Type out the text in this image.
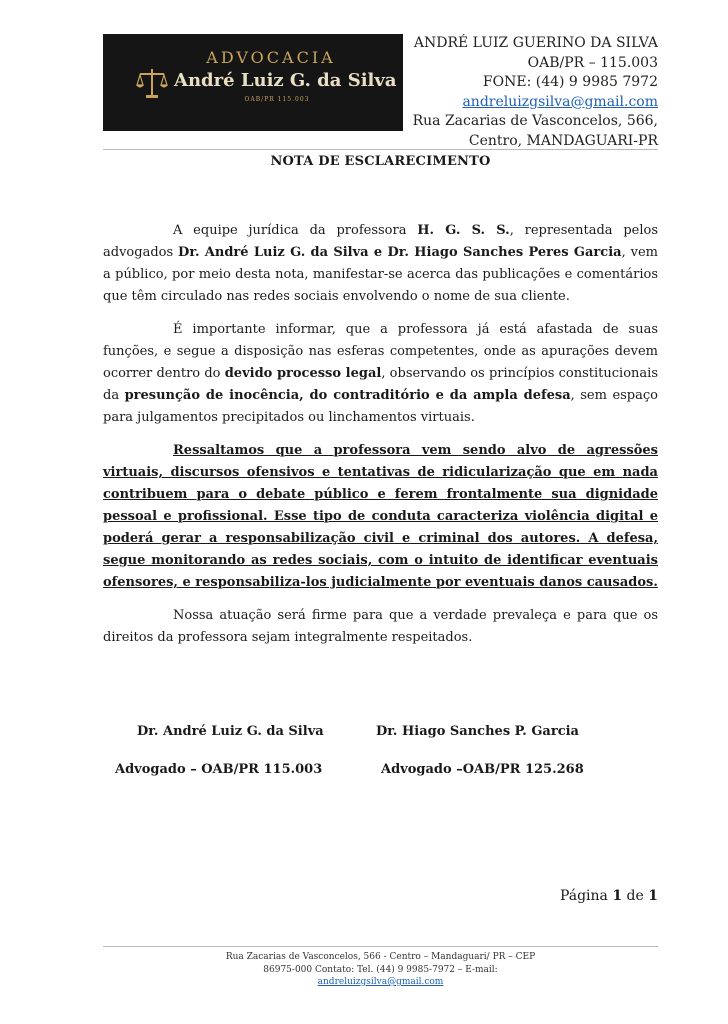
ADVOCACIA
André Luiz G. da Silva
OAB/PR 115.003
ANDRÉ LUIZ GUERINO DA SILVA
OAB/PR – 115.003
FONE: (44) 9 9985 7972
andreluizgsilva@gmail.com
Rua Zacarias de Vasconcelos, 566,
Centro, MANDAGUARI-PR
NOTA DE ESCLARECIMENTO

A equipe jurídica da professora H. G. S. S., representada pelos advogados Dr. André Luiz G. da Silva e Dr. Hiago Sanches Peres Garcia, vem a público, por meio desta nota, manifestar-se acerca das publicações e comentários que têm circulado nas redes sociais envolvendo o nome de sua cliente.

É importante informar, que a professora já está afastada de suas funções, e segue a disposição nas esferas competentes, onde as apurações devem ocorrer dentro do devido processo legal, observando os princípios constitucionais da presunção de inocência, do contraditório e da ampla defesa, sem espaço para julgamentos precipitados ou linchamentos virtuais.

Ressaltamos que a professora vem sendo alvo de agressões virtuais, discursos ofensivos e tentativas de ridicularização que em nada contribuem para o debate público e ferem frontalmente sua dignidade pessoal e profissional. Esse tipo de conduta caracteriza violência digital e poderá gerar a responsabilização civil e criminal dos autores. A defesa, segue monitorando as redes sociais, com o intuito de identificar eventuais ofensores, e responsabiliza-los judicialmente por eventuais danos causados.

Nossa atuação será firme para que a verdade prevaleça e para que os direitos da professora sejam integralmente respeitados.

Dr. André Luiz G. da Silva
Advogado – OAB/PR 115.003
Dr. Hiago Sanches P. Garcia
Advogado –OAB/PR 125.268
Página 1 de 1
Rua Zacarias de Vasconcelos, 566 - Centro – Mandaguari/ PR – CEP
86975-000 Contato: Tel. (44) 9 9985-7972 – E-mail:
andreluizgsilva@gmail.com
